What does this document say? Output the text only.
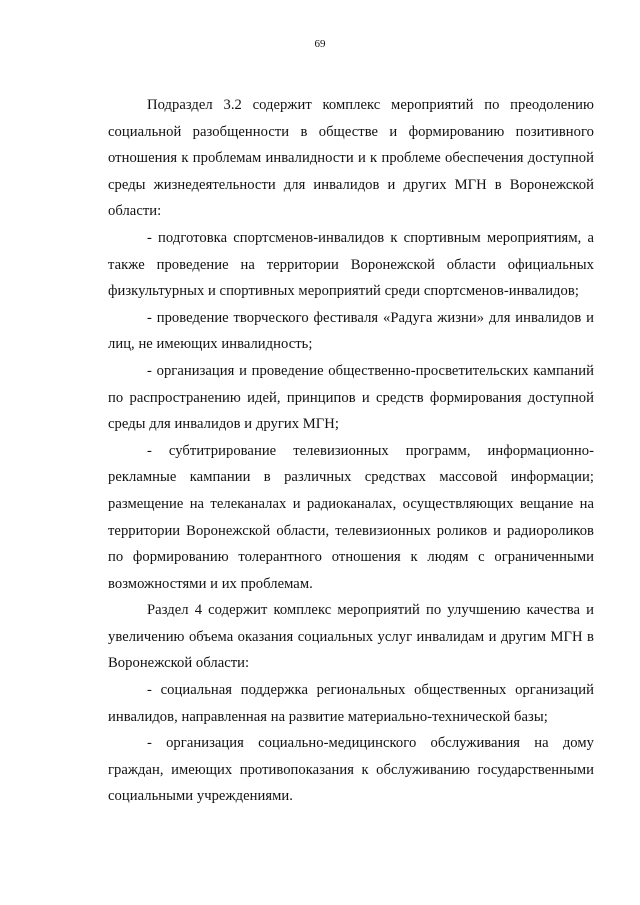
69

Подраздел 3.2 содержит комплекс мероприятий по преодолению социальной разобщенности в обществе и формированию позитивного отношения к проблемам инвалидности и к проблеме обеспечения доступной среды жизнедеятельности для инвалидов и других МГН в Воронежской области:

- подготовка спортсменов-инвалидов к спортивным мероприятиям, а также проведение на территории Воронежской области официальных физкультурных и спортивных мероприятий среди спортсменов-инвалидов;

- проведение творческого фестиваля «Радуга жизни» для инвалидов и лиц, не имеющих инвалидность;

- организация и проведение общественно-просветительских кампаний по распространению идей, принципов и средств формирования доступной среды для инвалидов и других МГН;

- субтитрирование телевизионных программ, информационно-рекламные кампании в различных средствах массовой информации; размещение на телеканалах и радиоканалах, осуществляющих вещание на территории Воронежской области, телевизионных роликов и радиороликов по формированию толерантного отношения к людям с ограниченными возможностями и их проблемам.

Раздел 4 содержит комплекс мероприятий по улучшению качества и увеличению объема оказания социальных услуг инвалидам и другим МГН в Воронежской области:

- социальная поддержка региональных общественных организаций инвалидов, направленная на развитие материально-технической базы;

- организация социально-медицинского обслуживания на дому граждан, имеющих противопоказания к обслуживанию государственными социальными учреждениями.
